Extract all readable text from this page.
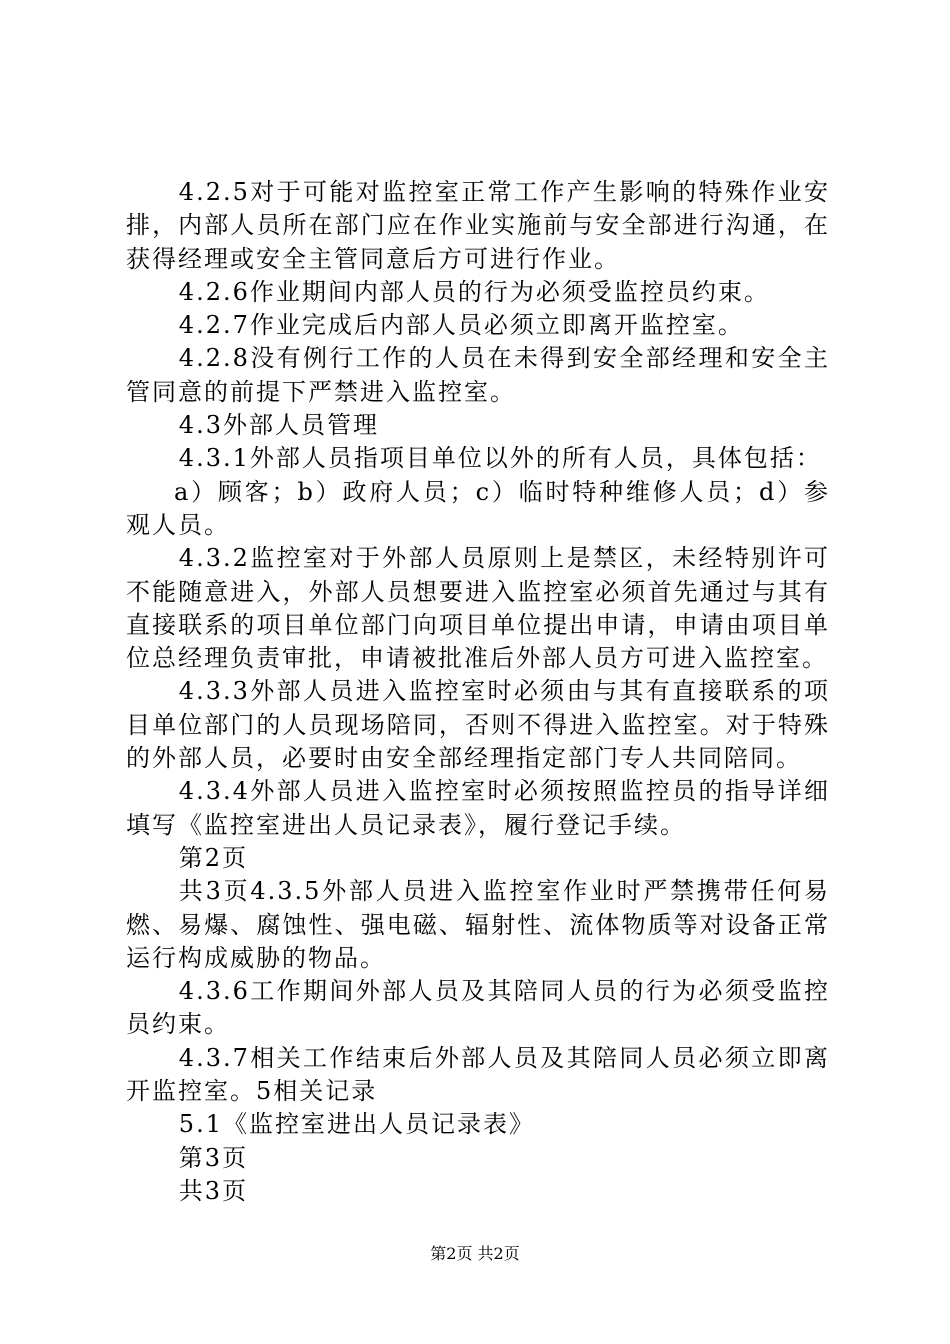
4.2.5对于可能对监控室正常工作产生影响的特殊作业安排，内部人员所在部门应在作业实施前与安全部进行沟通，在获得经理或安全主管同意后方可进行作业。

4.2.6作业期间内部人员的行为必须受监控员约束。

4.2.7作业完成后内部人员必须立即离开监控室。

4.2.8没有例行工作的人员在未得到安全部经理和安全主管同意的前提下严禁进入监控室。

4.3外部人员管理

4.3.1外部人员指项目单位以外的所有人员，具体包括：

a）顾客；b）政府人员；c）临时特种维修人员；d）参观人员。

4.3.2监控室对于外部人员原则上是禁区，未经特别许可不能随意进入，外部人员想要进入监控室必须首先通过与其有直接联系的项目单位部门向项目单位提出申请，申请由项目单位总经理负责审批，申请被批准后外部人员方可进入监控室。

4.3.3外部人员进入监控室时必须由与其有直接联系的项目单位部门的人员现场陪同，否则不得进入监控室。对于特殊的外部人员，必要时由安全部经理指定部门专人共同陪同。

4.3.4外部人员进入监控室时必须按照监控员的指导详细填写《监控室进出人员记录表》，履行登记手续。

第2页

共3页4.3.5外部人员进入监控室作业时严禁携带任何易燃、易爆、腐蚀性、强电磁、辐射性、流体物质等对设备正常运行构成威胁的物品。

4.3.6工作期间外部人员及其陪同人员的行为必须受监控员约束。

4.3.7相关工作结束后外部人员及其陪同人员必须立即离开监控室。5相关记录

5.1《监控室进出人员记录表》

第3页

共3页

第2页 共2页
